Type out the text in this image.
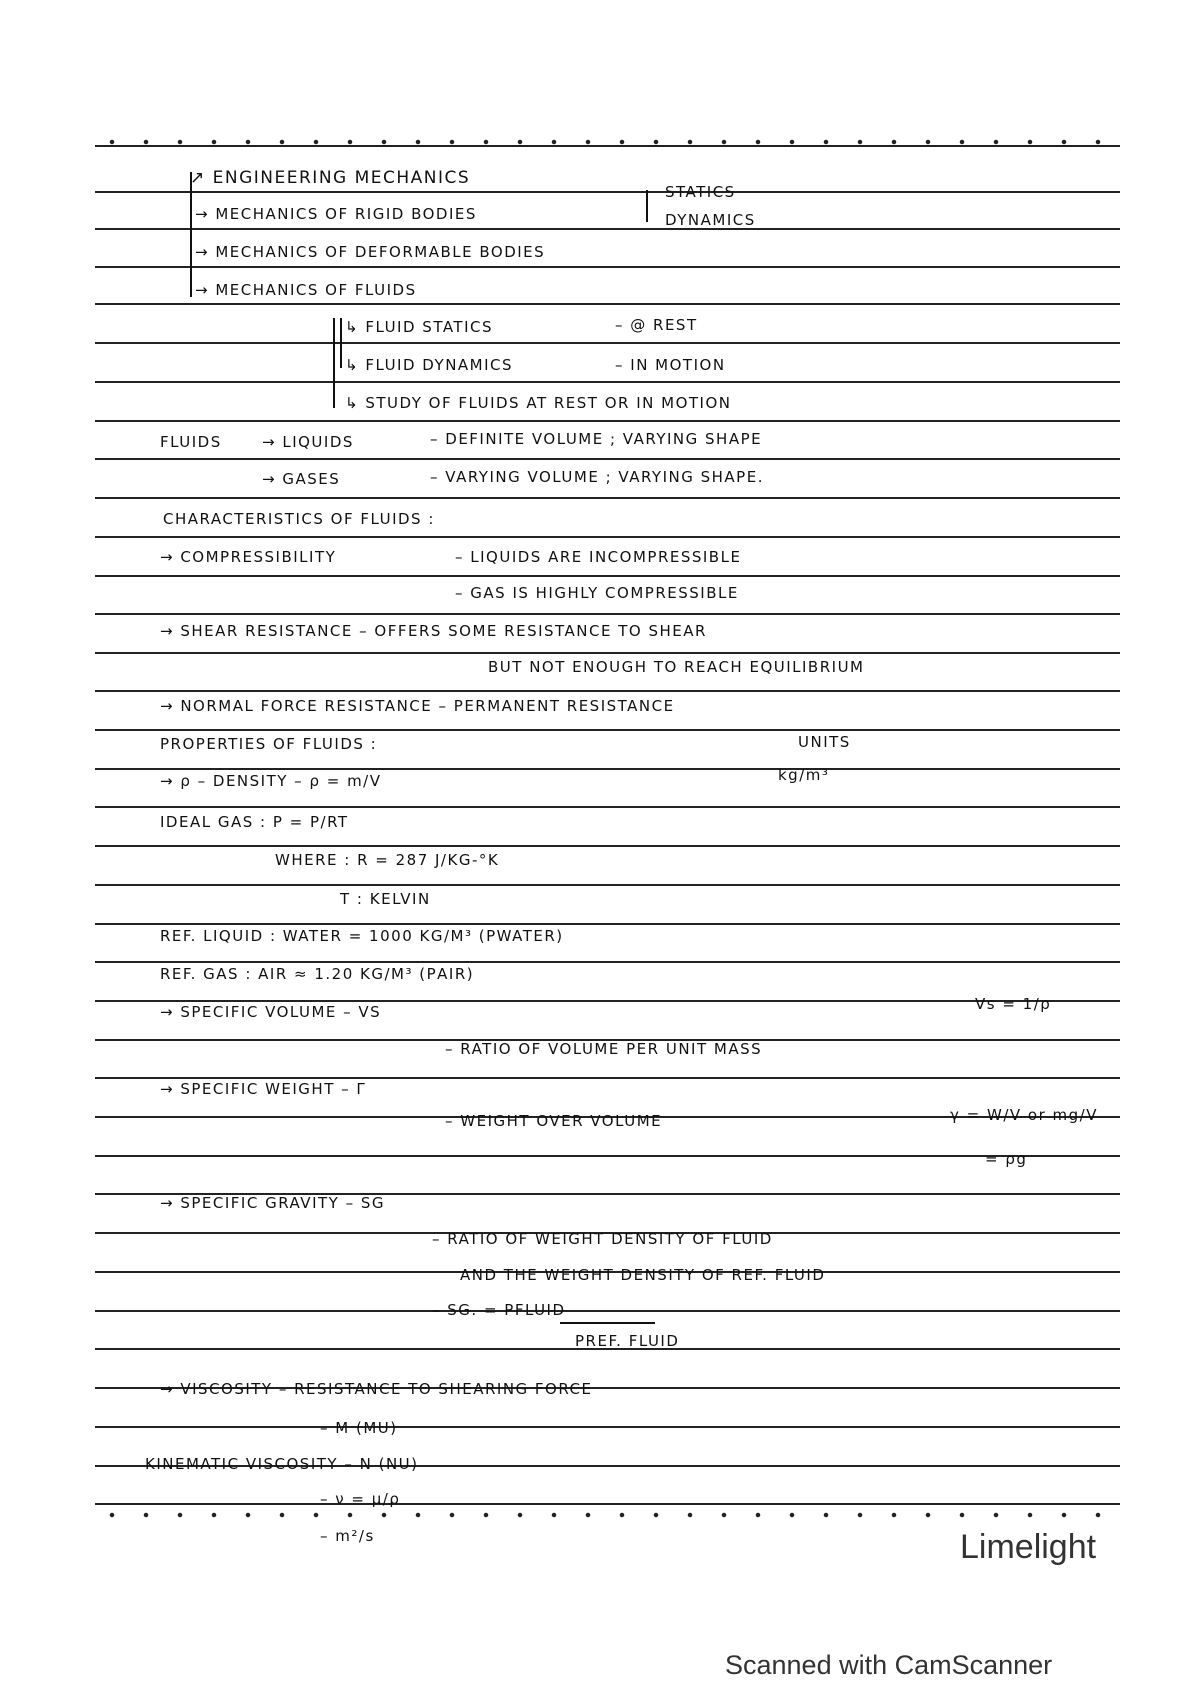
↗ ENGINEERING MECHANICS
→ MECHANICS OF RIGID BODIES
STATICS
DYNAMICS
→ MECHANICS OF DEFORMABLE BODIES
→ MECHANICS OF FLUIDS
↳ FLUID STATICS	– @ REST
↳ FLUID DYNAMICS	– IN MOTION
↳ STUDY OF FLUIDS AT REST OR IN MOTION
FLUIDS	→ LIQUIDS	– DEFINITE VOLUME ; VARYING SHAPE
→ GASES	– VARYING VOLUME ; VARYING SHAPE.
CHARACTERISTICS OF FLUIDS :
→ COMPRESSIBILITY	– LIQUIDS ARE INCOMPRESSIBLE
– GAS IS HIGHLY COMPRESSIBLE
→ SHEAR RESISTANCE – OFFERS SOME RESISTANCE TO SHEAR
BUT NOT ENOUGH TO REACH EQUILIBRIUM
→ NORMAL FORCE RESISTANCE – PERMANENT RESISTANCE
PROPERTIES OF FLUIDS :	UNITS
→ ρ – DENSITY – ρ = m/V	kg/m³
IDEAL GAS : Ρ = P/RT
WHERE : R = 287 J/KG-°K
T : KELVIN
REF. LIQUID : WATER = 1000 KG/M³ (ΡWATER)
REF. GAS : AIR ≈ 1.20 KG/M³ (ΡAIR)
→ SPECIFIC VOLUME – VS	Vs = 1/ρ
– RATIO OF VOLUME PER UNIT MASS
→ SPECIFIC WEIGHT – Γ
– WEIGHT OVER VOLUME	γ = W/V or mg/V
= ρg
→ SPECIFIC GRAVITY – SG
– RATIO OF WEIGHT DENSITY OF FLUID
AND THE WEIGHT DENSITY OF REF. FLUID
– SG. = ΡFLUID
ΡREF. FLUID
→ VISCOSITY – RESISTANCE TO SHEARING FORCE
– Μ (MU)
KINEMATIC VISCOSITY – Ν (NU)
– ν = μ/ρ
– m²/s	Limelight
Scanned with CamScanner
